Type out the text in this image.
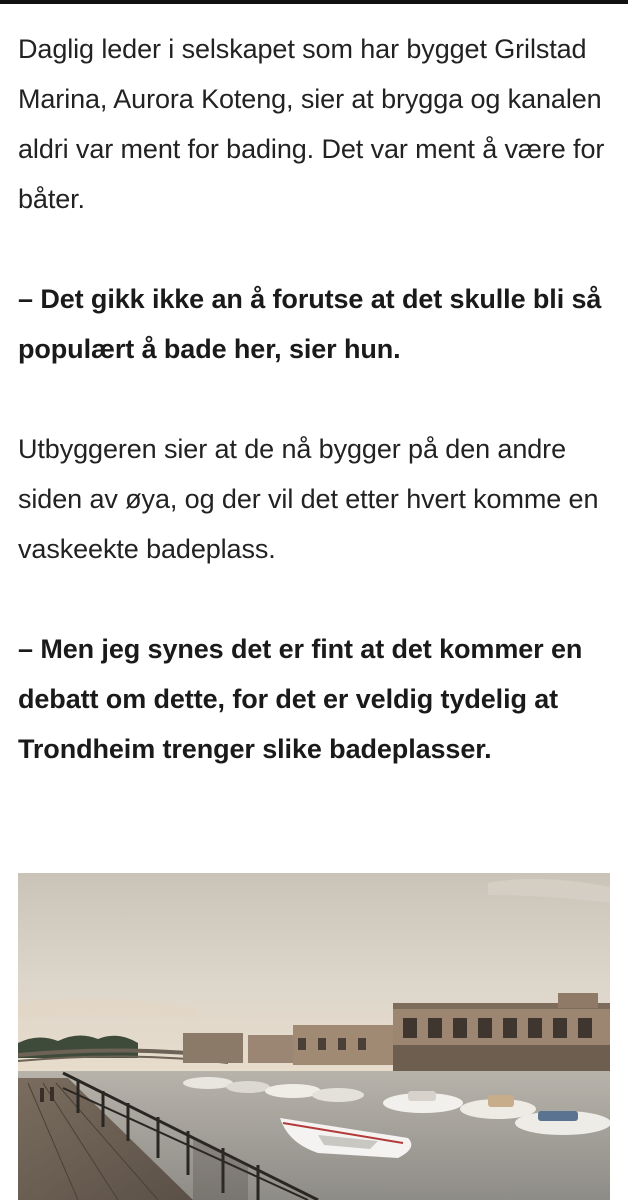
Daglig leder i selskapet som har bygget Grilstad Marina, Aurora Koteng, sier at brygga og kanalen aldri var ment for bading. Det var ment å være for båter.

– Det gikk ikke an å forutse at det skulle bli så populært å bade her, sier hun.

Utbyggeren sier at de nå bygger på den andre siden av øya, og der vil det etter hvert komme en vaskeekte badeplass.

– Men jeg synes det er fint at det kommer en debatt om dette, for det er veldig tydelig at Trondheim trenger slike badeplasser.
